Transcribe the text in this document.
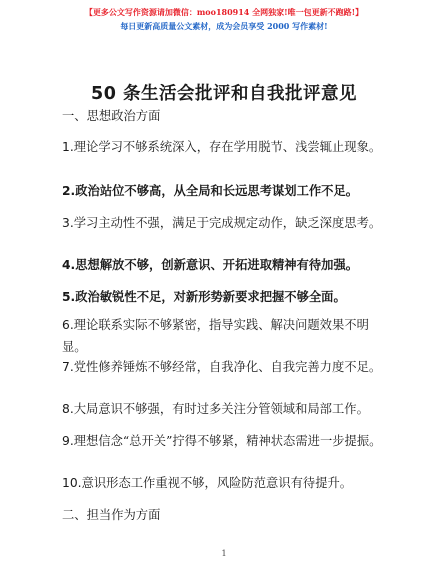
【更多公文写作资源请加微信：moo180914 全网独家!唯一包更新不跑路!】
每日更新高质量公文素材，成为会员享受 2000 写作素材!
50 条生活会批评和自我批评意见
一、思想政治方面
1.理论学习不够系统深入，存在学用脱节、浅尝辄止现象。
2.政治站位不够高，从全局和长远思考谋划工作不足。
3.学习主动性不强，满足于完成规定动作，缺乏深度思考。
4.思想解放不够，创新意识、开拓进取精神有待加强。
5.政治敏锐性不足，对新形势新要求把握不够全面。
6.理论联系实际不够紧密，指导实践、解决问题效果不明显。
7.党性修养锤炼不够经常，自我净化、自我完善力度不足。
8.大局意识不够强，有时过多关注分管领域和局部工作。
9.理想信念“总开关”拧得不够紧，精神状态需进一步提振。
10.意识形态工作重视不够，风险防范意识有待提升。
二、担当作为方面
1
